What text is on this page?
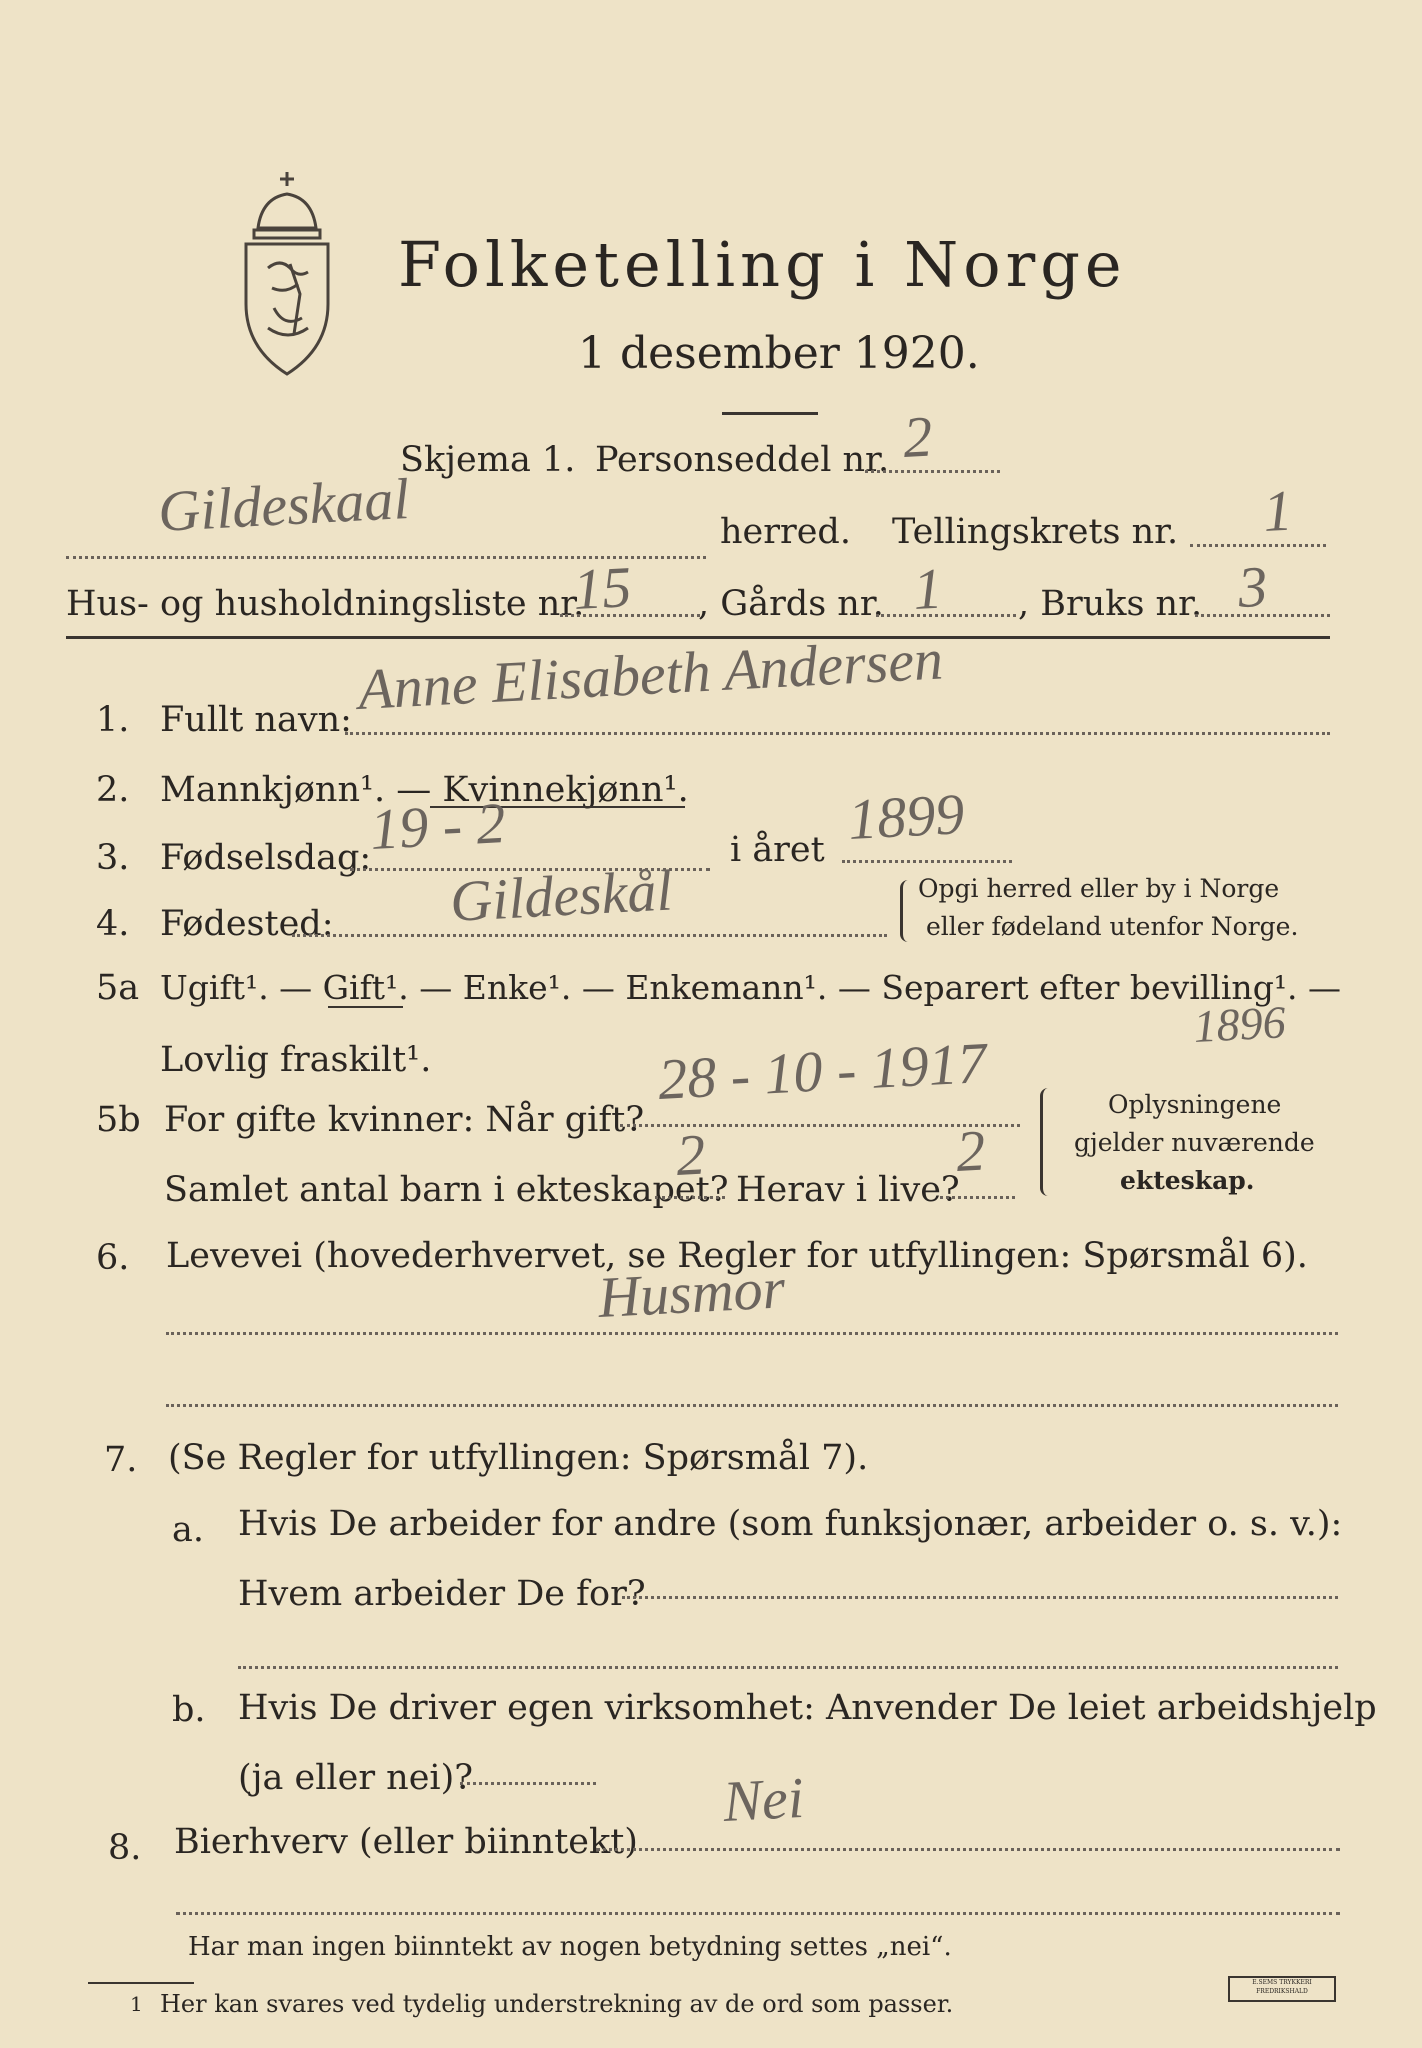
Folketelling i Norge
1 desember 1920.
Skjema 1. Personseddel nr. 2
Gildeskaal	herred. Tellingskrets nr. 1
Hus- og husholdningsliste nr.
15 , Gårds nr. 1 , Bruks nr. 3
1. Fullt navn: Anne Elisabeth Andersen
2. Mannkjønn¹. — Kvinnekjønn¹.
3. Fødselsdag:
19 - 2	i året 1899
4. Fødested: Gildeskål	Opgi herred eller by i Norge
eller fødeland utenfor Norge.
5a Ugift¹. — Gift¹. — Enke¹. — Enkemann¹. — Separert efter bevilling¹. —
Lovlig fraskilt¹.
1896
5b For gifte kvinner: Når gift?
28 - 10 - 1917
Samlet antal barn i ekteskapet?
2
Herav i live?
2
Oplysningene
gjelder nuværende
ekteskap.
6. Levevei (hovederhvervet, se Regler for utfyllingen: Spørsmål 6).
Husmor
7. (Se Regler for utfyllingen: Spørsmål 7).
a. Hvis De arbeider for andre (som funksjonær, arbeider o. s. v.):
Hvem arbeider De for?
b. Hvis De driver egen virksomhet: Anvender De leiet arbeidshjelp
(ja eller nei)?
8. Bierhverv (eller biinntekt)
Nei
Har man ingen biinntekt av nogen betydning settes „nei“.
1 Her kan svares ved tydelig understrekning av de ord som passer.
E.SEMS TRYKKERI FREDRIKSHALD
